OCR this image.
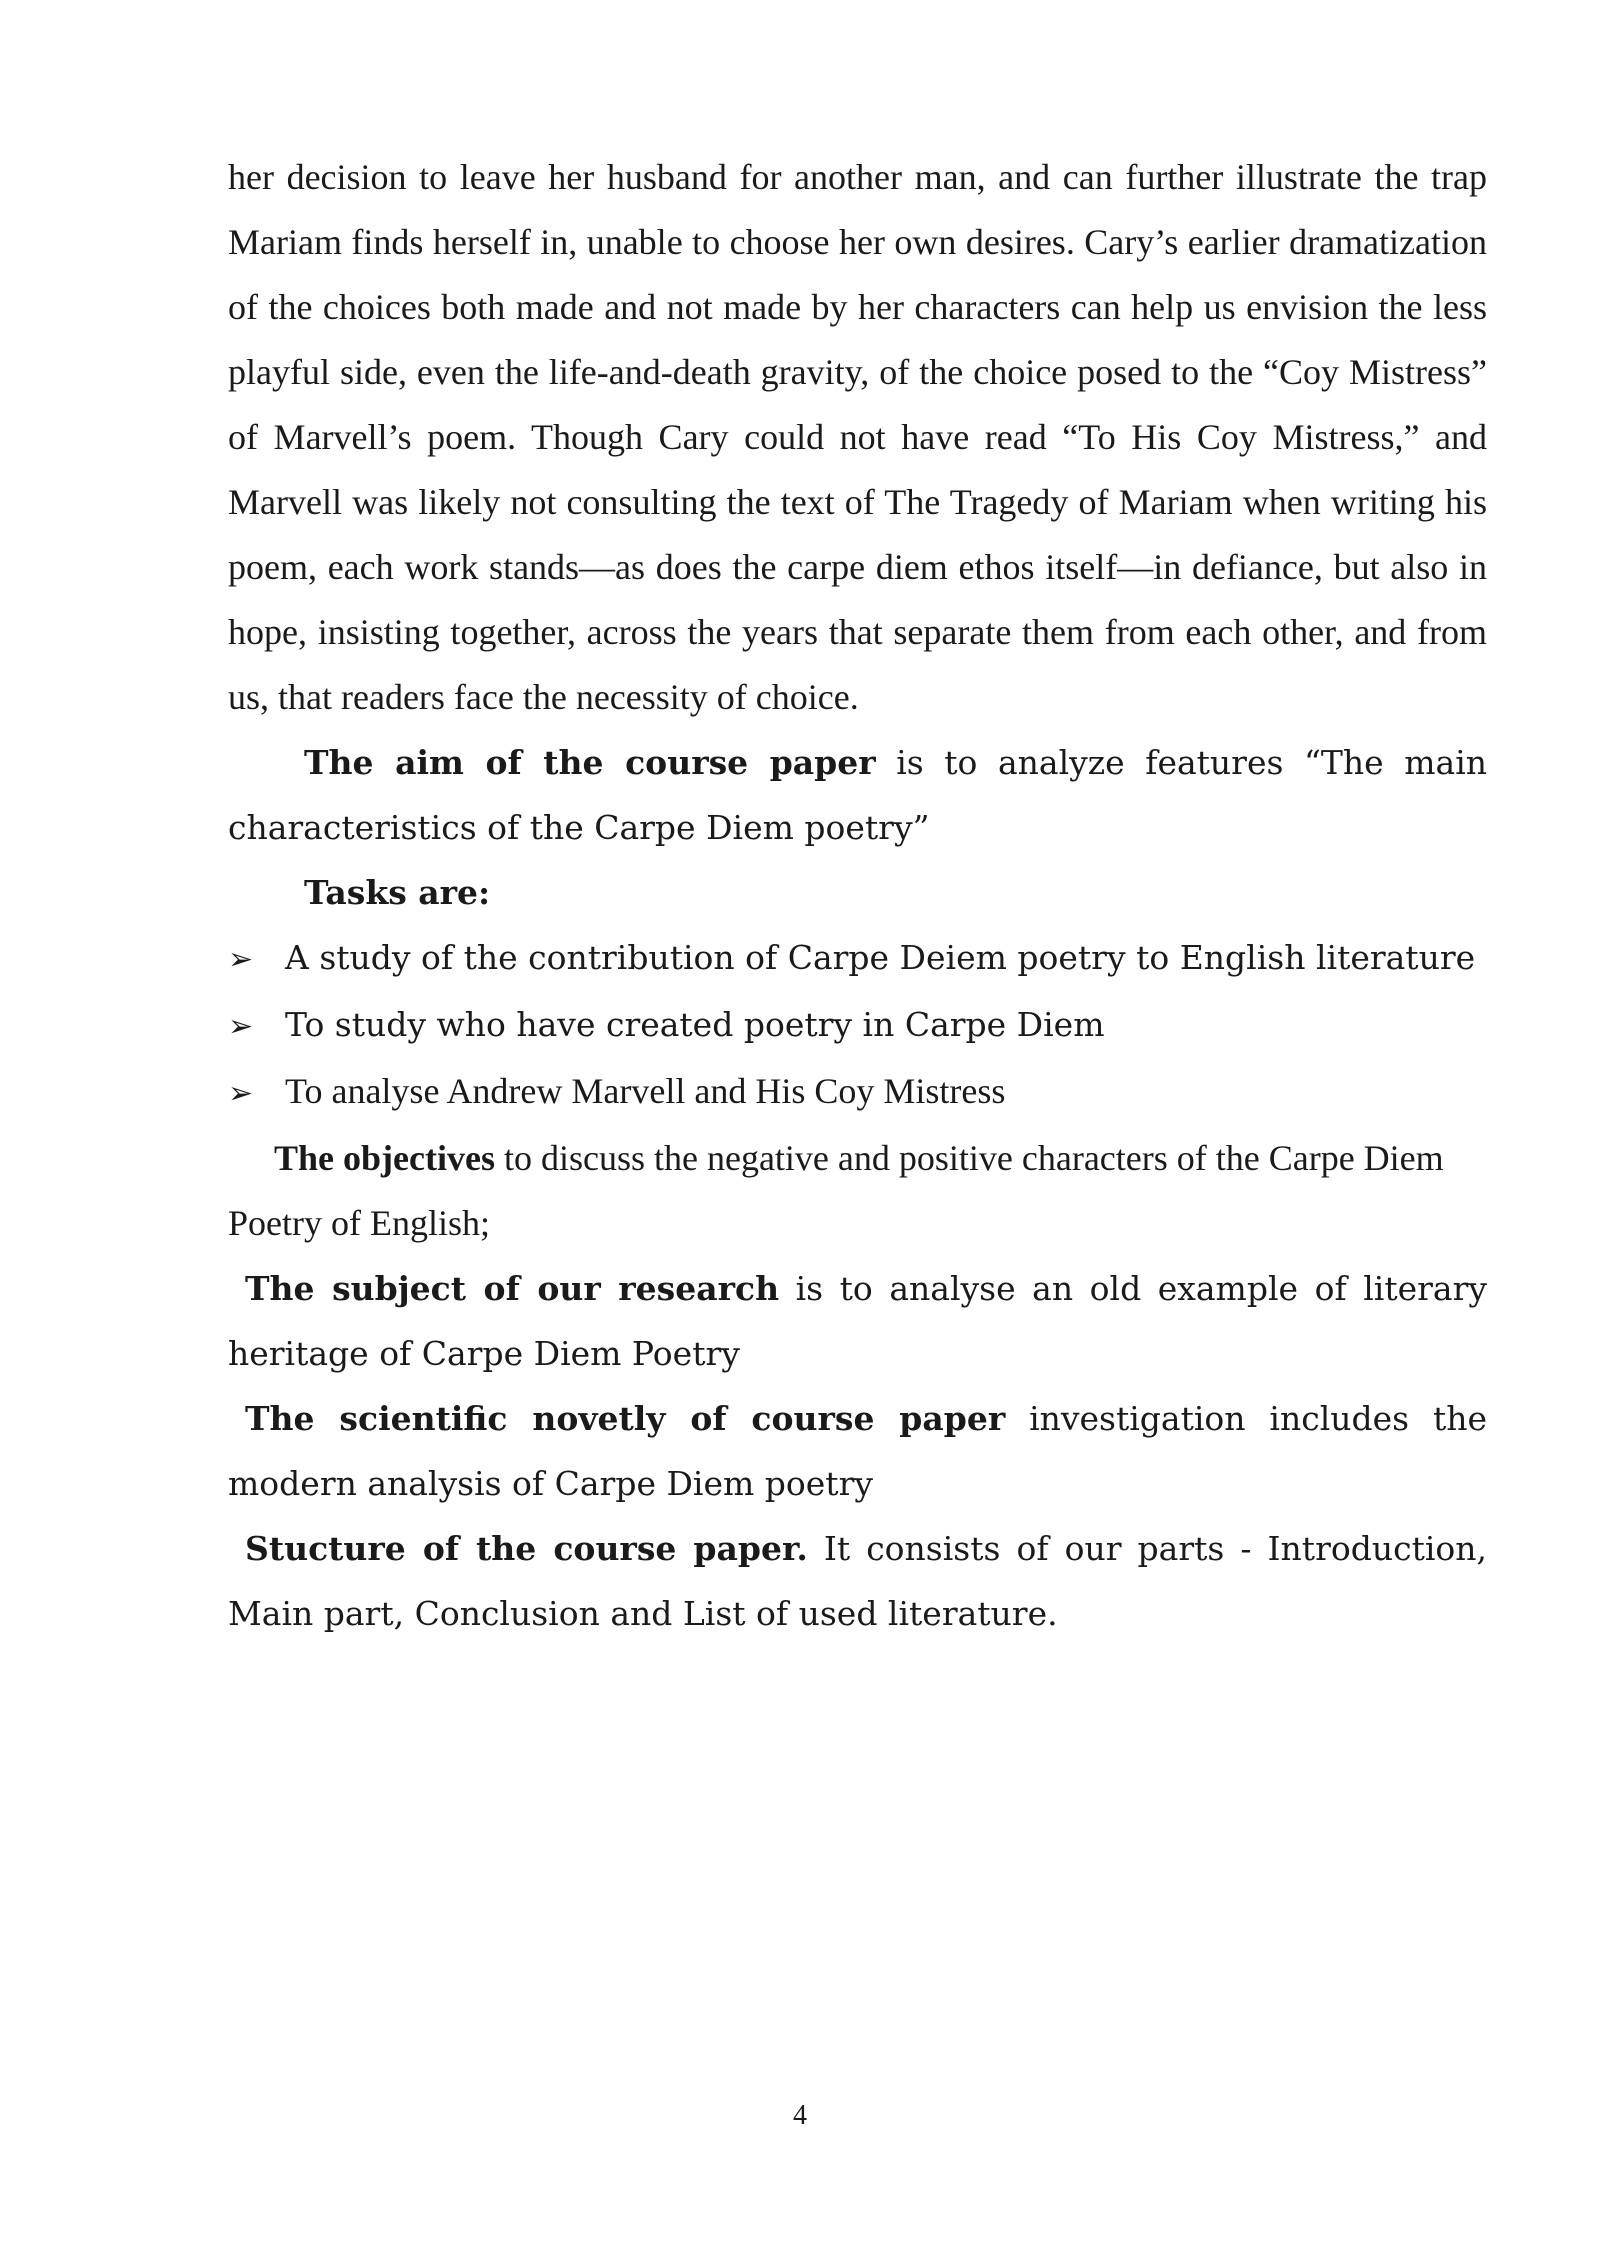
her decision to leave her husband for another man, and can further illustrate the trap Mariam finds herself in, unable to choose her own desires. Cary’s earlier dramatization of the choices both made and not made by her characters can help us envision the less playful side, even the life-and-death gravity, of the choice posed to the “Coy Mistress” of Marvell’s poem. Though Cary could not have read “To His Coy Mistress,” and Marvell was likely not consulting the text of The Tragedy of Mariam when writing his poem, each work stands—as does the carpe diem ethos itself—in defiance, but also in hope, insisting together, across the years that separate them from each other, and from us, that readers face the necessity of choice.

The aim of the course paper is to analyze features “The main characteristics of the Carpe Diem poetry”

Tasks are:

➢ A study of the contribution of Carpe Deiem poetry to English literature
➢ To study who have created poetry in Carpe Diem
➢ To analyse Andrew Marvell and His Coy Mistress

The objectives to discuss the negative and positive characters of the Carpe Diem Poetry of English;

The subject of our research is to analyse an old example of literary heritage of Carpe Diem Poetry

The scientific novetly of course paper investigation includes the modern analysis of Carpe Diem poetry

Stucture of the course paper. It consists of our parts - Introduction, Main part, Conclusion and List of used literature.

4
